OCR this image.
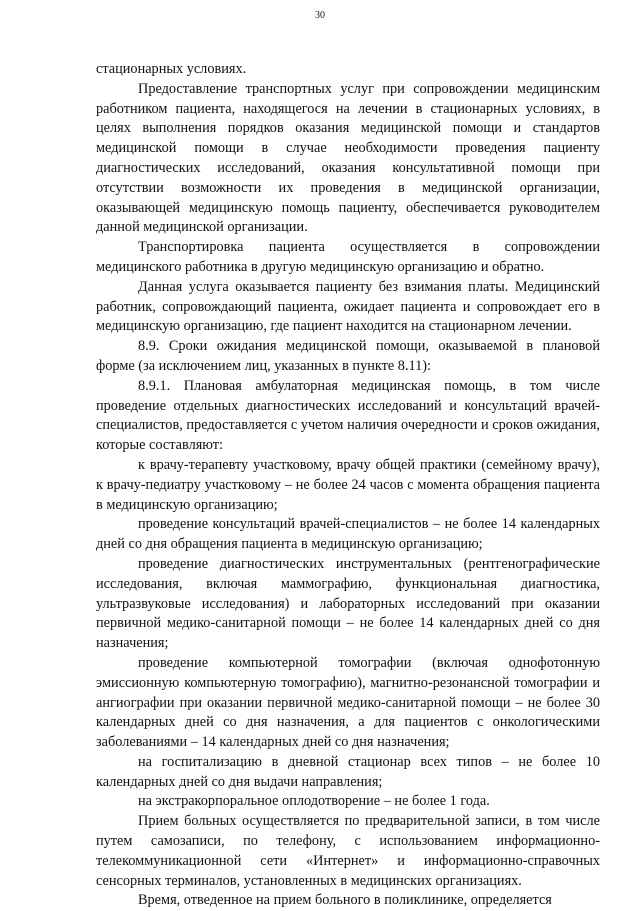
30

стационарных условиях.

Предоставление транспортных услуг при сопровождении медицинским работником пациента, находящегося на лечении в стационарных условиях, в целях выполнения порядков оказания медицинской помощи и стандартов медицинской помощи в случае необходимости проведения пациенту диагностических исследований, оказания консультативной помощи при отсутствии возможности их проведения в медицинской организации, оказывающей медицинскую помощь пациенту, обеспечивается руководителем данной медицинской организации.

Транспортировка пациента осуществляется в сопровождении медицинского работника в другую медицинскую организацию и обратно.

Данная услуга оказывается пациенту без взимания платы. Медицинский работник, сопровождающий пациента, ожидает пациента и сопровождает его в медицинскую организацию, где пациент находится на стационарном лечении.

8.9. Сроки ожидания медицинской помощи, оказываемой в плановой форме (за исключением лиц, указанных в пункте 8.11):

8.9.1. Плановая амбулаторная медицинская помощь, в том числе проведение отдельных диагностических исследований и консультаций врачей-специалистов, предоставляется с учетом наличия очередности и сроков ожидания, которые составляют:

к врачу-терапевту участковому, врачу общей практики (семейному врачу), к врачу-педиатру участковому – не более 24 часов с момента обращения пациента в медицинскую организацию;

проведение консультаций врачей-специалистов – не более 14 календарных дней со дня обращения пациента в медицинскую организацию;

проведение диагностических инструментальных (рентгенографические исследования, включая маммографию, функциональная диагностика, ультразвуковые исследования) и лабораторных исследований при оказании первичной медико-санитарной помощи – не более 14 календарных дней со дня назначения;

проведение компьютерной томографии (включая однофотонную эмиссионную компьютерную томографию), магнитно-резонансной томографии и ангиографии при оказании первичной медико-санитарной помощи – не более 30 календарных дней со дня назначения, а для пациентов с онкологическими заболеваниями – 14 календарных дней со дня назначения;

на госпитализацию в дневной стационар всех типов – не более 10 календарных дней со дня выдачи направления;

на экстракорпоральное оплодотворение – не более 1 года.

Прием больных осуществляется по предварительной записи, в том числе путем самозаписи, по телефону, с использованием информационно-телекоммуникационной сети «Интернет» и информационно-справочных сенсорных терминалов, установленных в медицинских организациях.

Время, отведенное на прием больного в поликлинике, определяется
